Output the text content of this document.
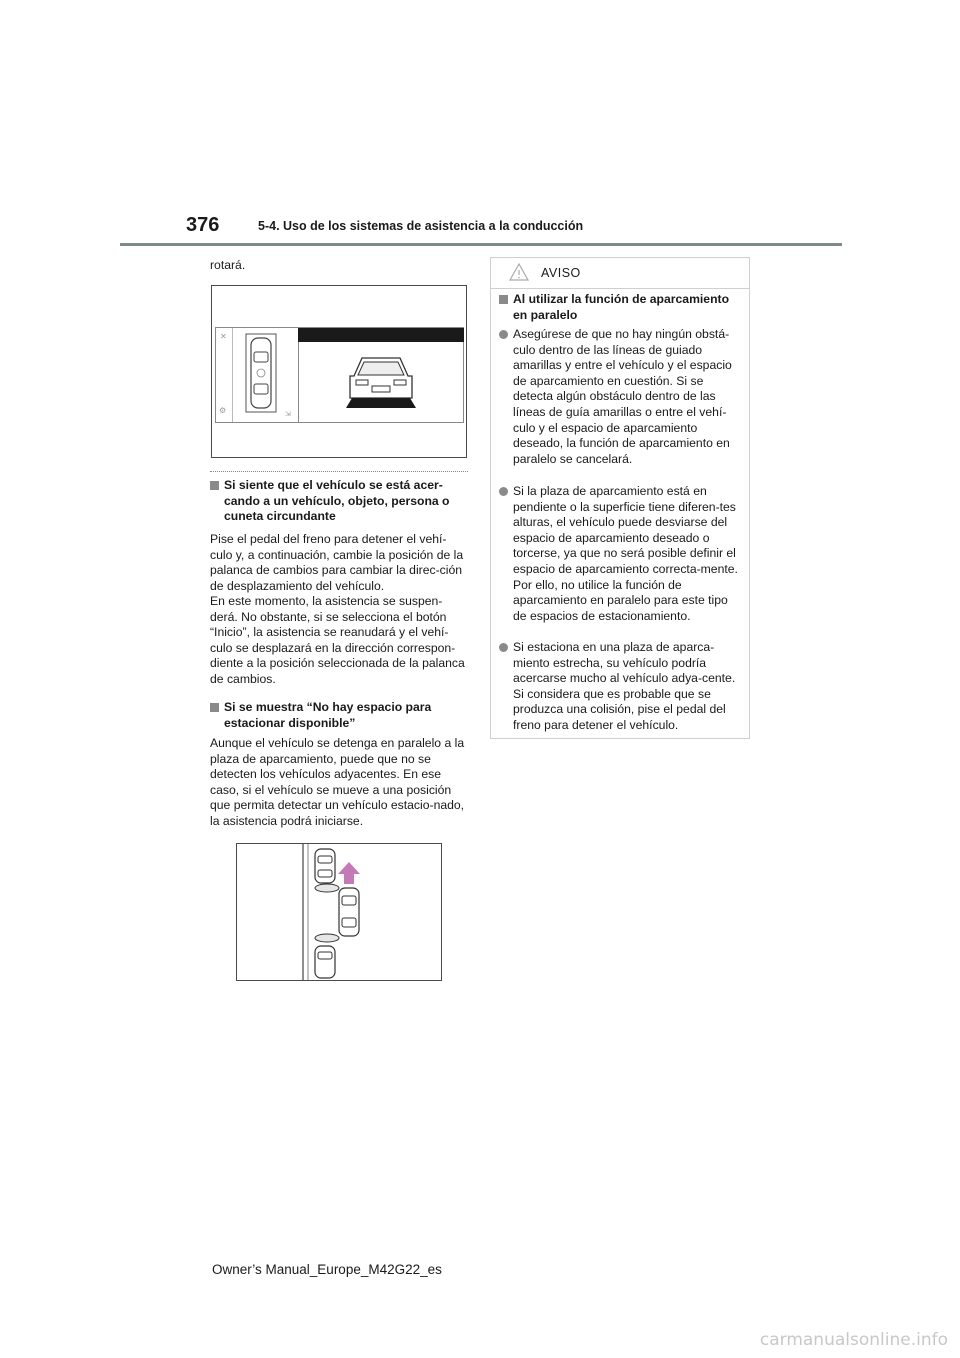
376	5-4. Uso de los sistemas de asistencia a la conducción

rotará.

✕
⚙	⇲
Si siente que el vehículo se está acer-cando a un vehículo, objeto, persona o cuneta circundante

Pise el pedal del freno para detener el vehí-culo y, a continuación, cambie la posición de la palanca de cambios para cambiar la direc-ción de desplazamiento del vehículo.

En este momento, la asistencia se suspen-derá. No obstante, si se selecciona el botón “Inicio”, la asistencia se reanudará y el vehí-culo se desplazará en la dirección correspon-diente a la posición seleccionada de la palanca de cambios.

Si se muestra “No hay espacio para estacionar disponible”

Aunque el vehículo se detenga en paralelo a la plaza de aparcamiento, puede que no se detecten los vehículos adyacentes. En ese caso, si el vehículo se mueve a una posición que permita detectar un vehículo estacio-nado, la asistencia podrá iniciarse.

AVISO
Al utilizar la función de aparcamiento en paralelo
Asegúrese de que no hay ningún obstá-culo dentro de las líneas de guiado amarillas y entre el vehículo y el espacio de aparcamiento en cuestión. Si se detecta algún obstáculo dentro de las líneas de guía amarillas o entre el vehí-culo y el espacio de aparcamiento deseado, la función de aparcamiento en paralelo se cancelará.
Si la plaza de aparcamiento está en pendiente o la superficie tiene diferen-tes alturas, el vehículo puede desviarse del espacio de aparcamiento deseado o torcerse, ya que no será posible definir el espacio de aparcamiento correcta-mente. Por ello, no utilice la función de aparcamiento en paralelo para este tipo de espacios de estacionamiento.
Si estaciona en una plaza de aparca-miento estrecha, su vehículo podría acercarse mucho al vehículo adya-cente. Si considera que es probable que se produzca una colisión, pise el pedal del freno para detener el vehículo.
Owner’s Manual_Europe_M42G22_es
carmanualsonline.info
